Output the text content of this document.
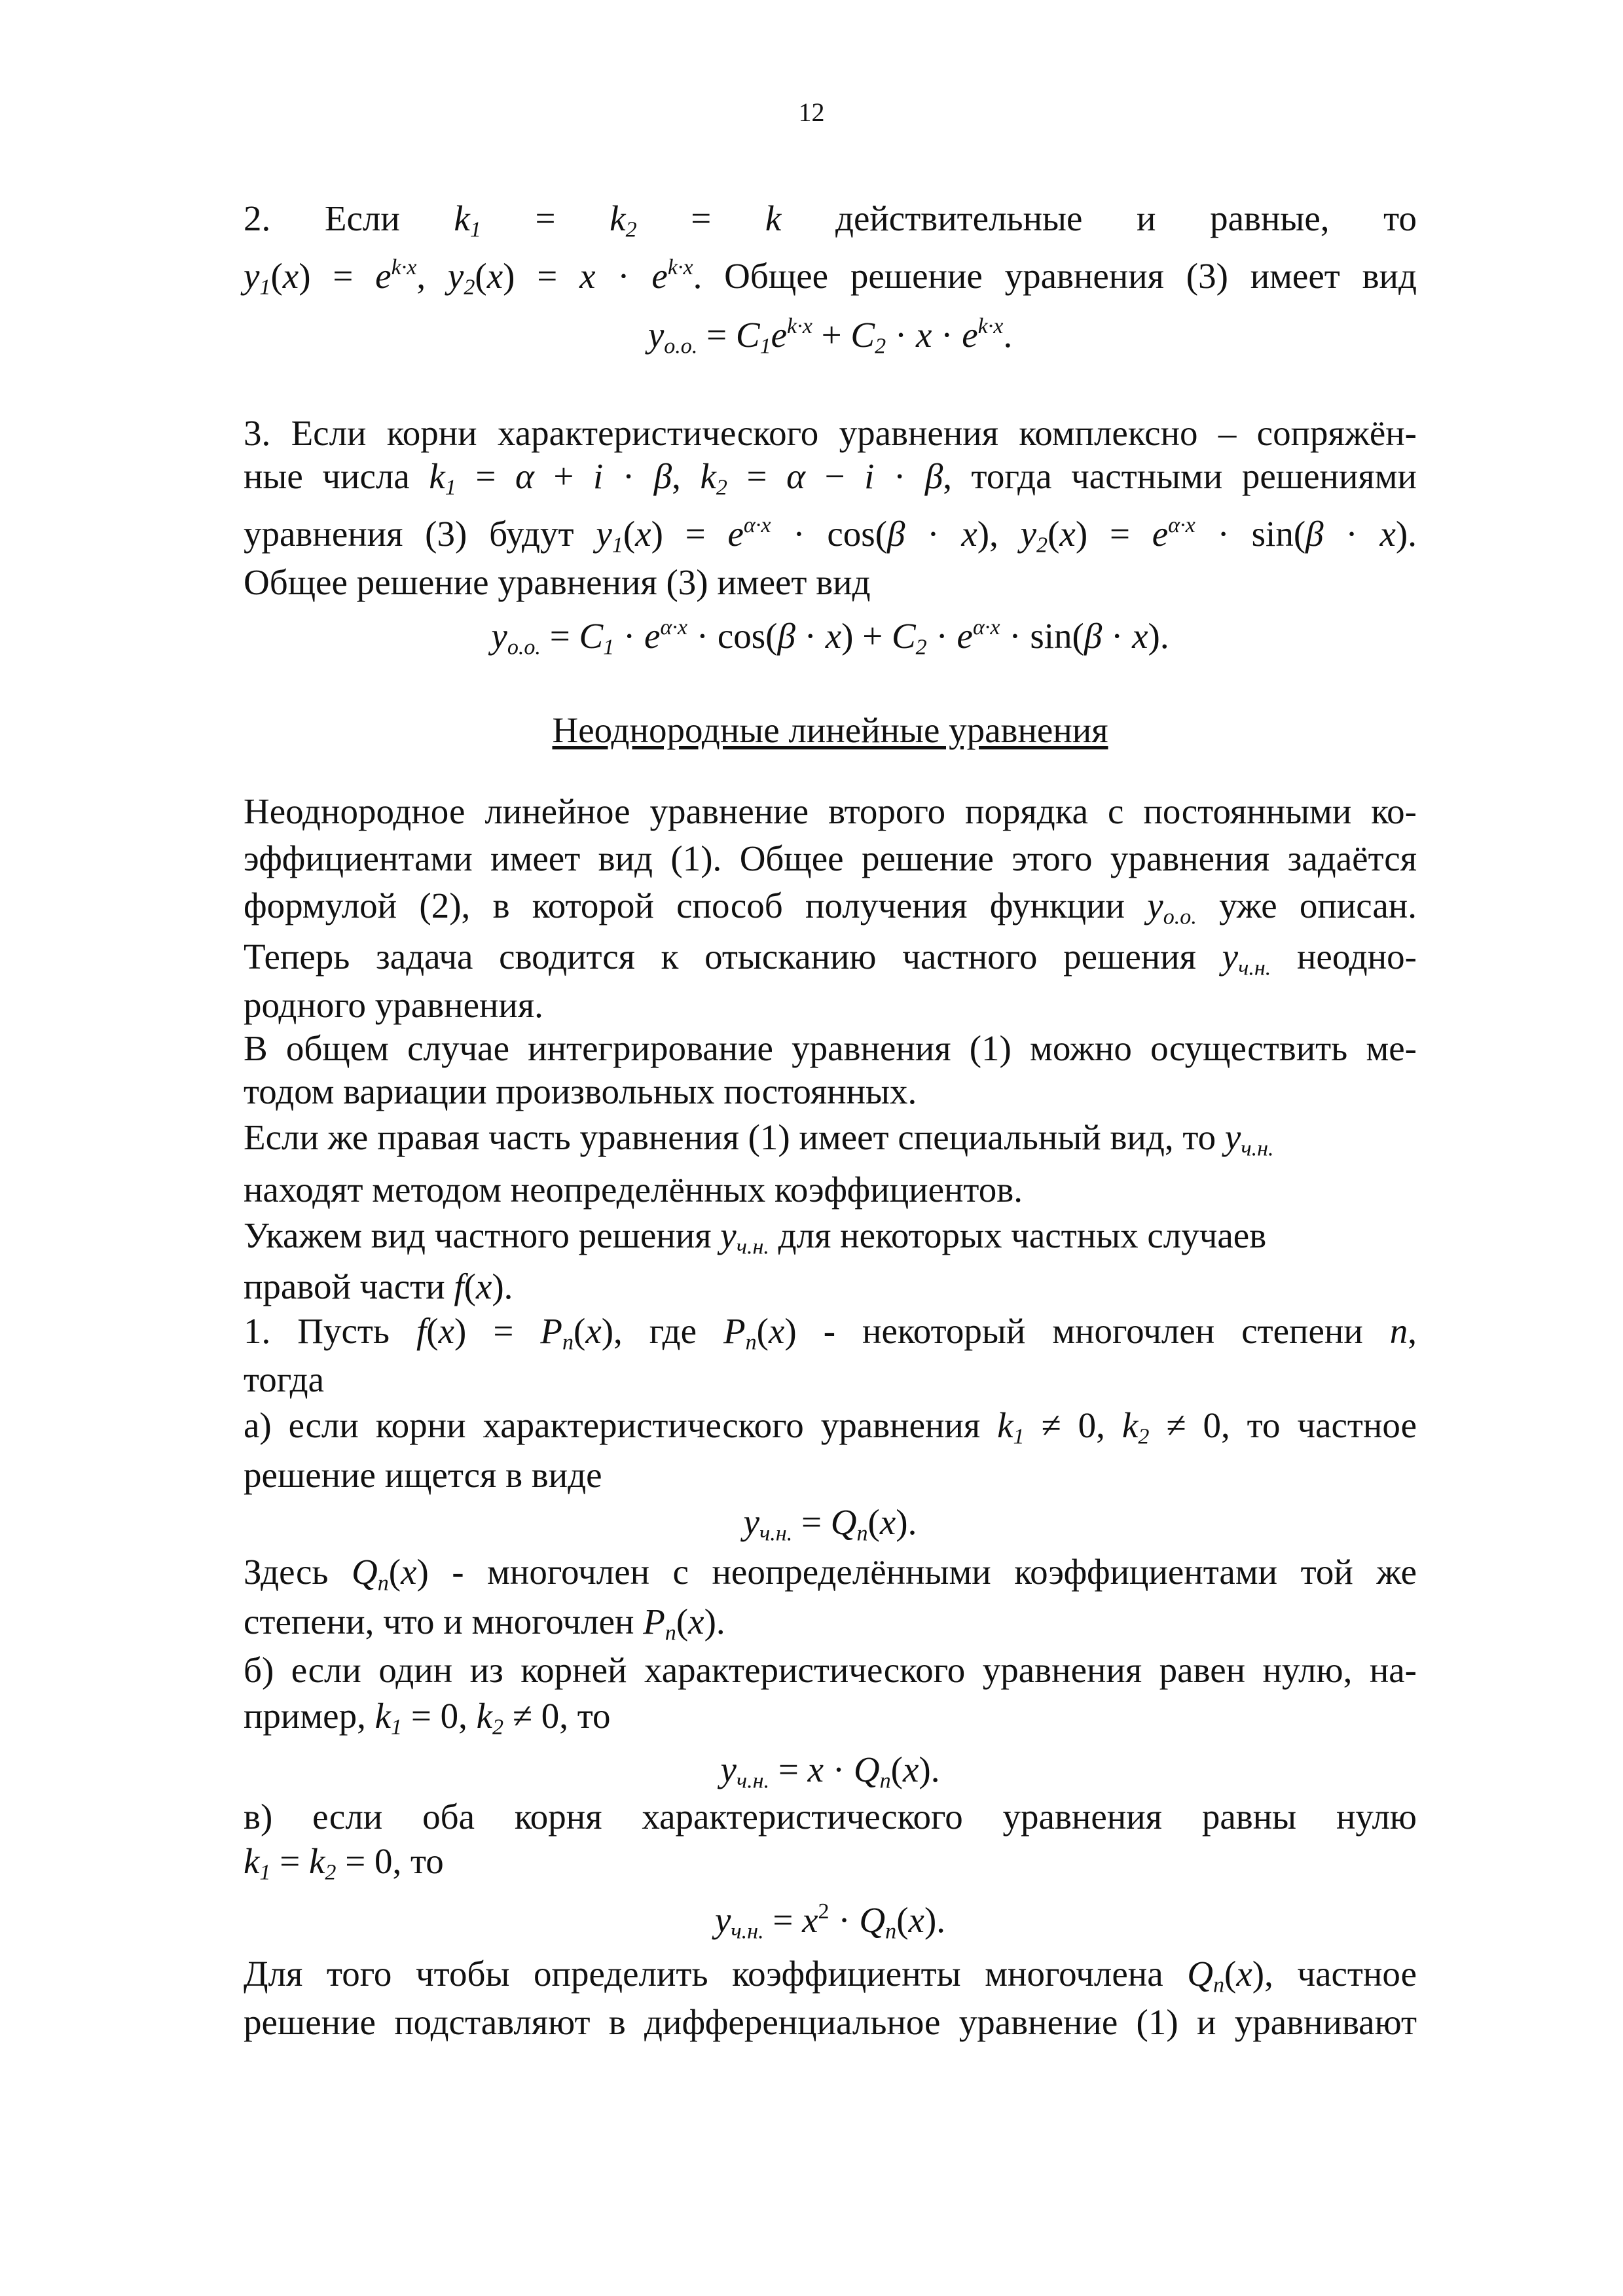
12
2. Если $k_1 = k_2 = k$ действительные и равные, то
$y_1(x) = e^{k\cdot x}$, $y_2(x) = x \cdot e^{k\cdot x}$. Общее решение уравнения (3) имеет вид
$y_{о.о.} = C_1e^{k\cdot x} + C_2 \cdot x \cdot e^{k\cdot x}$.
3. Если корни характеристического уравнения комплексно – сопряжён-
ные числа $k_1 = \alpha + i \cdot \beta$, $k_2 = \alpha - i \cdot \beta$, тогда частными решениями
уравнения (3) будут $y_1(x) = e^{\alpha\cdot x} \cdot \cos(\beta \cdot x)$, $y_2(x) = e^{\alpha\cdot x} \cdot \sin(\beta \cdot x)$.
Общее решение уравнения (3) имеет вид
$y_{о.о.} = C_1 \cdot e^{\alpha\cdot x} \cdot \cos(\beta \cdot x) + C_2 \cdot e^{\alpha\cdot x} \cdot \sin(\beta \cdot x)$.
Неоднородные линейные уравнения
Неоднородное линейное уравнение второго порядка с постоянными ко-
эффициентами имеет вид (1). Общее решение этого уравнения задаётся
формулой (2), в которой способ получения функции $y_{о.о.}$ уже описан.
Теперь задача сводится к отысканию частного решения $y_{ч.н.}$ неодно-
родного уравнения.
В общем случае интегрирование уравнения (1) можно осуществить ме-
тодом вариации произвольных постоянных.
Если же правая часть уравнения (1) имеет специальный вид, то $y_{ч.н.}$
находят методом неопределённых коэффициентов.
Укажем вид частного решения $y_{ч.н.}$ для некоторых частных случаев
правой части f(x).
1. Пусть $f(x) = P_n(x)$, где $P_n(x)$ - некоторый многочлен степени n,
тогда
а) если корни характеристического уравнения $k_1 \ne 0$, $k_2 \ne 0$, то частное
решение ищется в виде
$y_{ч.н.} = Q_n(x)$.
Здесь $Q_n(x)$ - многочлен с неопределёнными коэффициентами той же
степени, что и многочлен $P_n(x)$.
б) если один из корней характеристического уравнения равен нулю, на-
пример, $k_1 = 0$, $k_2 \ne 0$, то
$y_{ч.н.} = x \cdot Q_n(x)$.
в) если оба корня характеристического уравнения равны нулю
$k_1 = k_2 = 0$, то
$y_{ч.н.} = x^2 \cdot Q_n(x)$.
Для того чтобы определить коэффициенты многочлена $Q_n(x)$, частное
решение подставляют в дифференциальное уравнение (1) и уравнивают
